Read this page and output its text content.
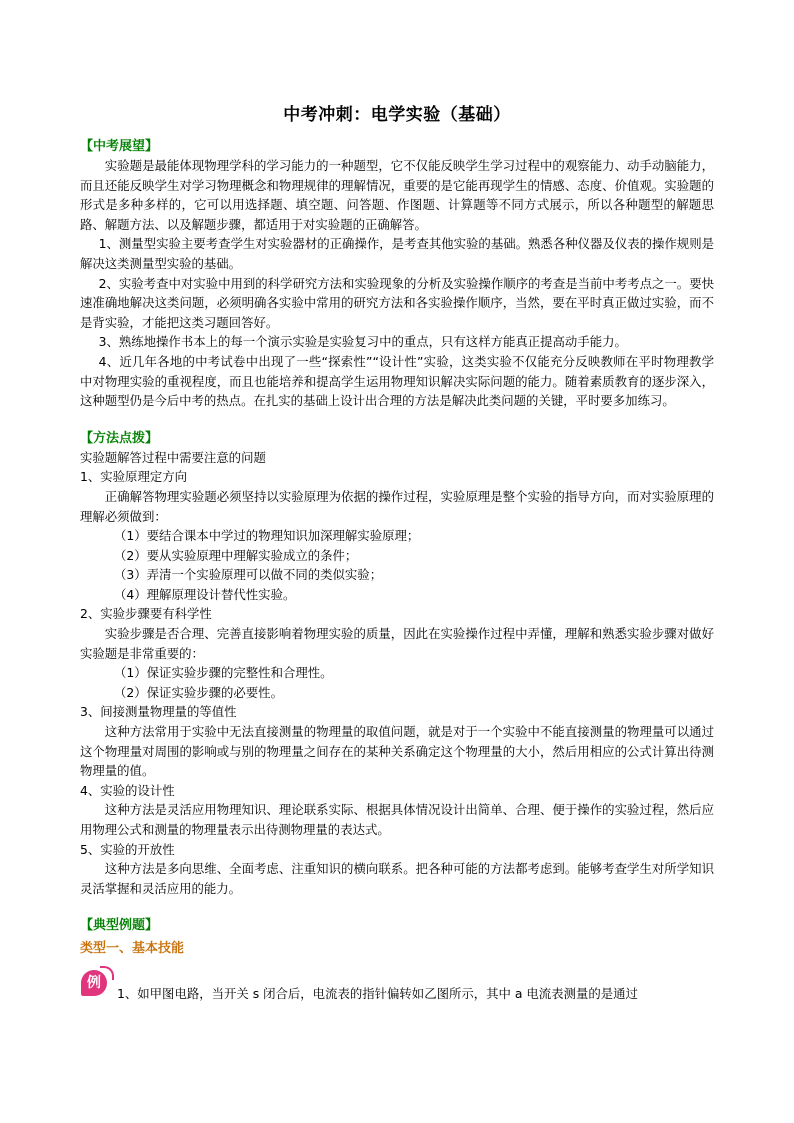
中考冲刺：电学实验（基础）
【中考展望】

实验题是最能体现物理学科的学习能力的一种题型，它不仅能反映学生学习过程中的观察能力、动手动脑能力，而且还能反映学生对学习物理概念和物理规律的理解情况，重要的是它能再现学生的情感、态度、价值观。实验题的形式是多种多样的，它可以用选择题、填空题、问答题、作图题、计算题等不同方式展示，所以各种题型的解题思路、解题方法、以及解题步骤，都适用于对实验题的正确解答。

1、测量型实验主要考查学生对实验器材的正确操作，是考查其他实验的基础。熟悉各种仪器及仪表的操作规则是解决这类测量型实验的基础。

2、实验考查中对实验中用到的科学研究方法和实验现象的分析及实验操作顺序的考查是当前中考考点之一。要快速准确地解决这类问题，必须明确各实验中常用的研究方法和各实验操作顺序，当然，要在平时真正做过实验，而不是背实验，才能把这类习题回答好。

3、熟练地操作书本上的每一个演示实验是实验复习中的重点，只有这样方能真正提高动手能力。

4、近几年各地的中考试卷中出现了一些“探索性”“设计性”实验，这类实验不仅能充分反映教师在平时物理教学中对物理实验的重视程度，而且也能培养和提高学生运用物理知识解决实际问题的能力。随着素质教育的逐步深入，这种题型仍是今后中考的热点。在扎实的基础上设计出合理的方法是解决此类问题的关键，平时要多加练习。

【方法点拨】

实验题解答过程中需要注意的问题

1、实验原理定方向

正确解答物理实验题必须坚持以实验原理为依据的操作过程，实验原理是整个实验的指导方向，而对实验原理的理解必须做到：

（1）要结合课本中学过的物理知识加深理解实验原理；

（2）要从实验原理中理解实验成立的条件；

（3）弄清一个实验原理可以做不同的类似实验；

（4）理解原理设计替代性实验。

2、实验步骤要有科学性

实验步骤是否合理、完善直接影响着物理实验的质量，因此在实验操作过程中弄懂，理解和熟悉实验步骤对做好实验题是非常重要的：

（1）保证实验步骤的完整性和合理性。

（2）保证实验步骤的必要性。

3、间接测量物理量的等值性

这种方法常用于实验中无法直接测量的物理量的取值问题，就是对于一个实验中不能直接测量的物理量可以通过这个物理量对周围的影响或与别的物理量之间存在的某种关系确定这个物理量的大小，然后用相应的公式计算出待测物理量的值。

4、实验的设计性

这种方法是灵活应用物理知识、理论联系实际、根据具体情况设计出简单、合理、便于操作的实验过程，然后应用物理公式和测量的物理量表示出待测物理量的表达式。

5、实验的开放性

这种方法是多向思维、全面考虑、注重知识的横向联系。把各种可能的方法都考虑到。能够考查学生对所学知识灵活掌握和灵活应用的能力。

【典型例题】
类型一、基本技能
例
1、如甲图电路，当开关 s 闭合后，电流表的指针偏转如乙图所示，其中 a 电流表测量的是通过
